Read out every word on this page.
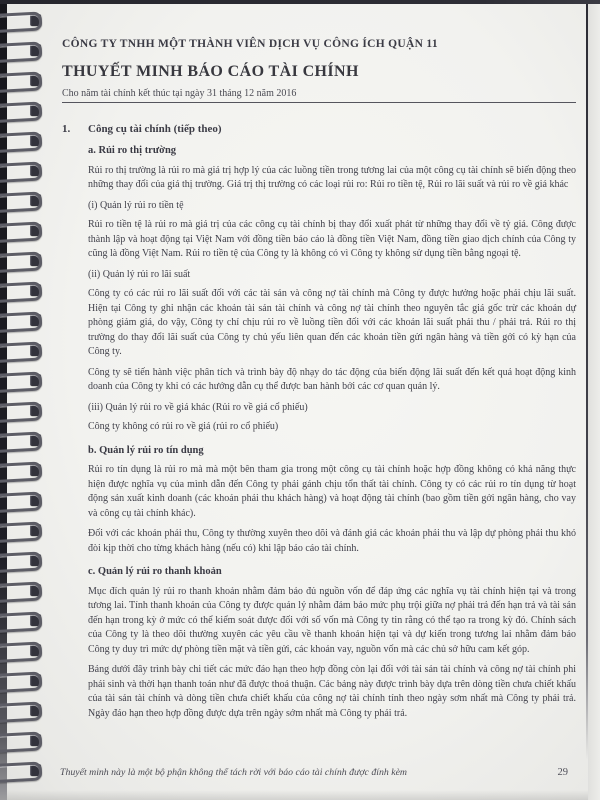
CÔNG TY TNHH MỘT THÀNH VIÊN DỊCH VỤ CÔNG ÍCH QUẬN 11
THUYẾT MINH BÁO CÁO TÀI CHÍNH
Cho năm tài chính kết thúc tại ngày 31 tháng 12 năm 2016
1.	Công cụ tài chính (tiếp theo)

a. Rủi ro thị trường

Rủi ro thị trường là rủi ro mà giá trị hợp lý của các luồng tiền trong tương lai của một công cụ tài chính sẽ biến động theo những thay đổi của giá thị trường. Giá trị thị trường có các loại rủi ro: Rủi ro tiền tệ, Rủi ro lãi suất và rủi ro về giá khác

(i) Quản lý rủi ro tiền tệ

Rủi ro tiền tệ là rủi ro mà giá trị của các công cụ tài chính bị thay đổi xuất phát từ những thay đổi về tỷ giá. Công được thành lập và hoạt động tại Việt Nam với đồng tiền báo cáo là đồng tiền Việt Nam, đồng tiền giao dịch chính của Công ty cũng là đồng Việt Nam. Rủi ro tiền tệ của Công ty là không có vì Công ty không sử dụng tiền bằng ngoại tệ.

(ii) Quản lý rủi ro lãi suất

Công ty có các rủi ro lãi suất đối với các tài sản và công nợ tài chính mà Công ty được hưởng hoặc phải chịu lãi suất. Hiện tại Công ty ghi nhận các khoản tài sản tài chính và công nợ tài chính theo nguyên tắc giá gốc trừ các khoản dự phòng giảm giá, do vậy, Công ty chỉ chịu rủi ro về luồng tiền đối với các khoản lãi suất phải thu / phải trả. Rủi ro thị trường do thay đổi lãi suất của Công ty chủ yếu liên quan đến các khoản tiền gửi ngân hàng và tiền gởi có kỳ hạn của Công ty.

Công ty sẽ tiến hành việc phân tích và trình bày độ nhạy do tác động của biến động lãi suất đến kết quả hoạt động kinh doanh của Công ty khi có các hướng dẫn cụ thể được ban hành bởi các cơ quan quản lý.

(iii) Quản lý rủi ro về giá khác (Rủi ro về giá cổ phiếu)

Công ty không có rủi ro về giá (rủi ro cổ phiếu)

b. Quản lý rủi ro tín dụng

Rủi ro tín dụng là rủi ro mà mà một bên tham gia trong một công cụ tài chính hoặc hợp đồng không có khả năng thực hiện được nghĩa vụ của mình dẫn đến Công ty phải gánh chịu tổn thất tài chính. Công ty có các rủi ro tín dụng từ hoạt động sản xuất kinh doanh (các khoản phải thu khách hàng) và hoạt động tài chính (bao gồm tiền gởi ngân hàng, cho vay và công cụ tài chính khác).

Đối với các khoản phải thu, Công ty thường xuyên theo dõi và đánh giá các khoản phải thu và lập dự phòng phải thu khó đòi kịp thời cho từng khách hàng (nếu có) khi lập báo cáo tài chính.

c. Quản lý rủi ro thanh khoản

Mục đích quản lý rủi ro thanh khoản nhằm đảm bảo đủ nguồn vốn để đáp ứng các nghĩa vụ tài chính hiện tại và trong tương lai. Tính thanh khoản của Công ty được quản lý nhằm đảm bảo mức phụ trội giữa nợ phải trả đến hạn trả và tài sản đến hạn trong kỳ ở mức có thể kiểm soát được đối với số vốn mà Công ty tin rằng có thể tạo ra trong kỳ đó. Chính sách của Công ty là theo dõi thường xuyên các yêu cầu về thanh khoản hiện tại và dự kiến trong tương lai nhằm đảm bảo Công ty duy trì mức dự phòng tiền mặt và tiền gửi, các khoản vay, nguồn vốn mà các chủ sở hữu cam kết góp.

Bảng dưới đây trình bày chi tiết các mức đáo hạn theo hợp đồng còn lại đối với tài sản tài chính và công nợ tài chính phi phái sinh và thời hạn thanh toán như đã được thoả thuận. Các bảng này được trình bày dựa trên dòng tiền chưa chiết khấu của tài sản tài chính và dòng tiền chưa chiết khấu của công nợ tài chính tính theo ngày sơm nhất mà Công ty phải trả. Ngày đáo hạn theo hợp đồng được dựa trên ngày sớm nhất mà Công ty phải trả.

Thuyết minh này là một bộ phận không thể tách rời với báo cáo tài chính được đính kèm	29
